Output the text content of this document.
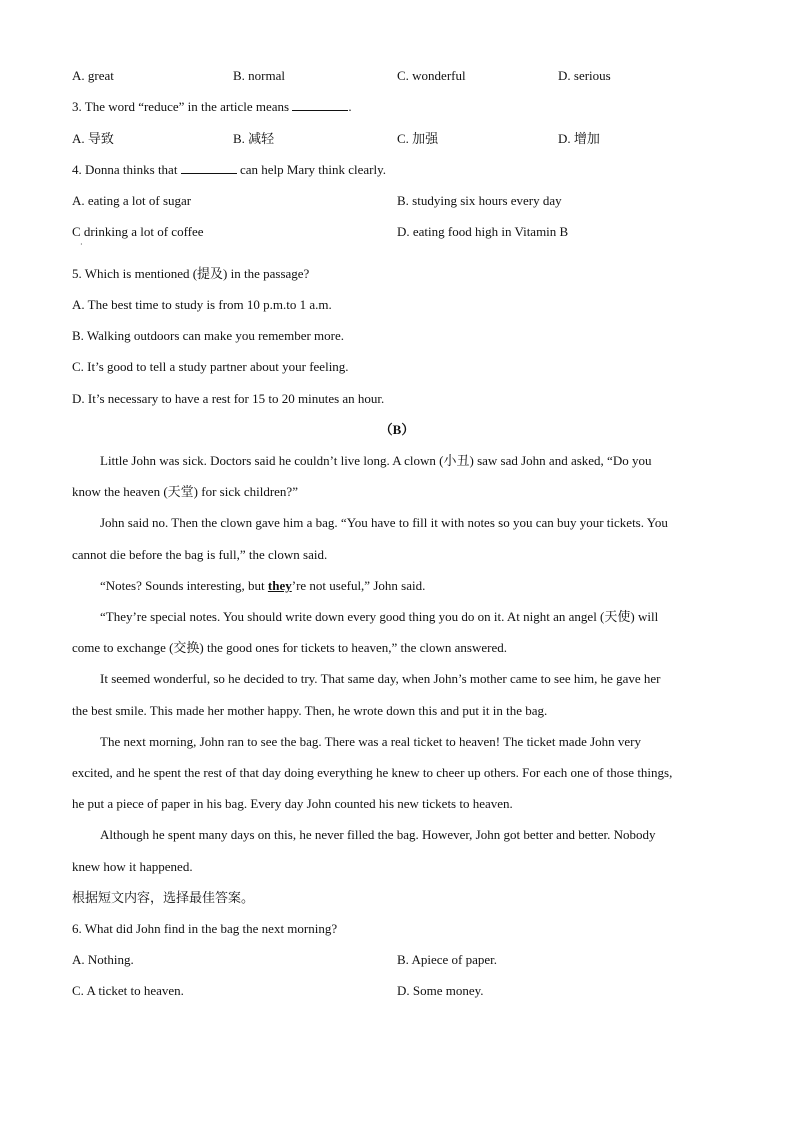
A. great	B. normal	C. wonderful	D. serious
3. The word “reduce” in the article means	.
A. 导致	B. 减轻	C. 加强	D. 增加
4. Donna thinks that	can help Mary think clearly.
A. eating a lot of sugar	B. studying six hours every day
C drinking a lot of coffee	D. eating food high in Vitamin B
·
5. Which is mentioned (提及) in the passage?
A. The best time to study is from 10 p.m.to 1 a.m.
B. Walking outdoors can make you remember more.
C. It’s good to tell a study partner about your feeling.
D. It’s necessary to have a rest for 15 to 20 minutes an hour.
（B）
Little John was sick. Doctors said he couldn’t live long. A clown (小丑) saw sad John and asked, “Do you
know the heaven (天堂) for sick children?”
John said no. Then the clown gave him a bag. “You have to fill it with notes so you can buy your tickets. You
cannot die before the bag is full,” the clown said.
“Notes? Sounds interesting, but they’re not useful,” John said.
“They’re special notes. You should write down every good thing you do on it. At night an angel (天使) will
come to exchange (交换) the good ones for tickets to heaven,” the clown answered.
It seemed wonderful, so he decided to try. That same day, when John’s mother came to see him, he gave her
the best smile. This made her mother happy. Then, he wrote down this and put it in the bag.
The next morning, John ran to see the bag. There was a real ticket to heaven! The ticket made John very
excited, and he spent the rest of that day doing everything he knew to cheer up others. For each one of those things,
he put a piece of paper in his bag. Every day John counted his new tickets to heaven.
Although he spent many days on this, he never filled the bag. However, John got better and better. Nobody
knew how it happened.
根据短文内容，选择最佳答案。
6. What did John find in the bag the next morning?
A. Nothing.	B. Apiece of paper.
C. A ticket to heaven.	D. Some money.
